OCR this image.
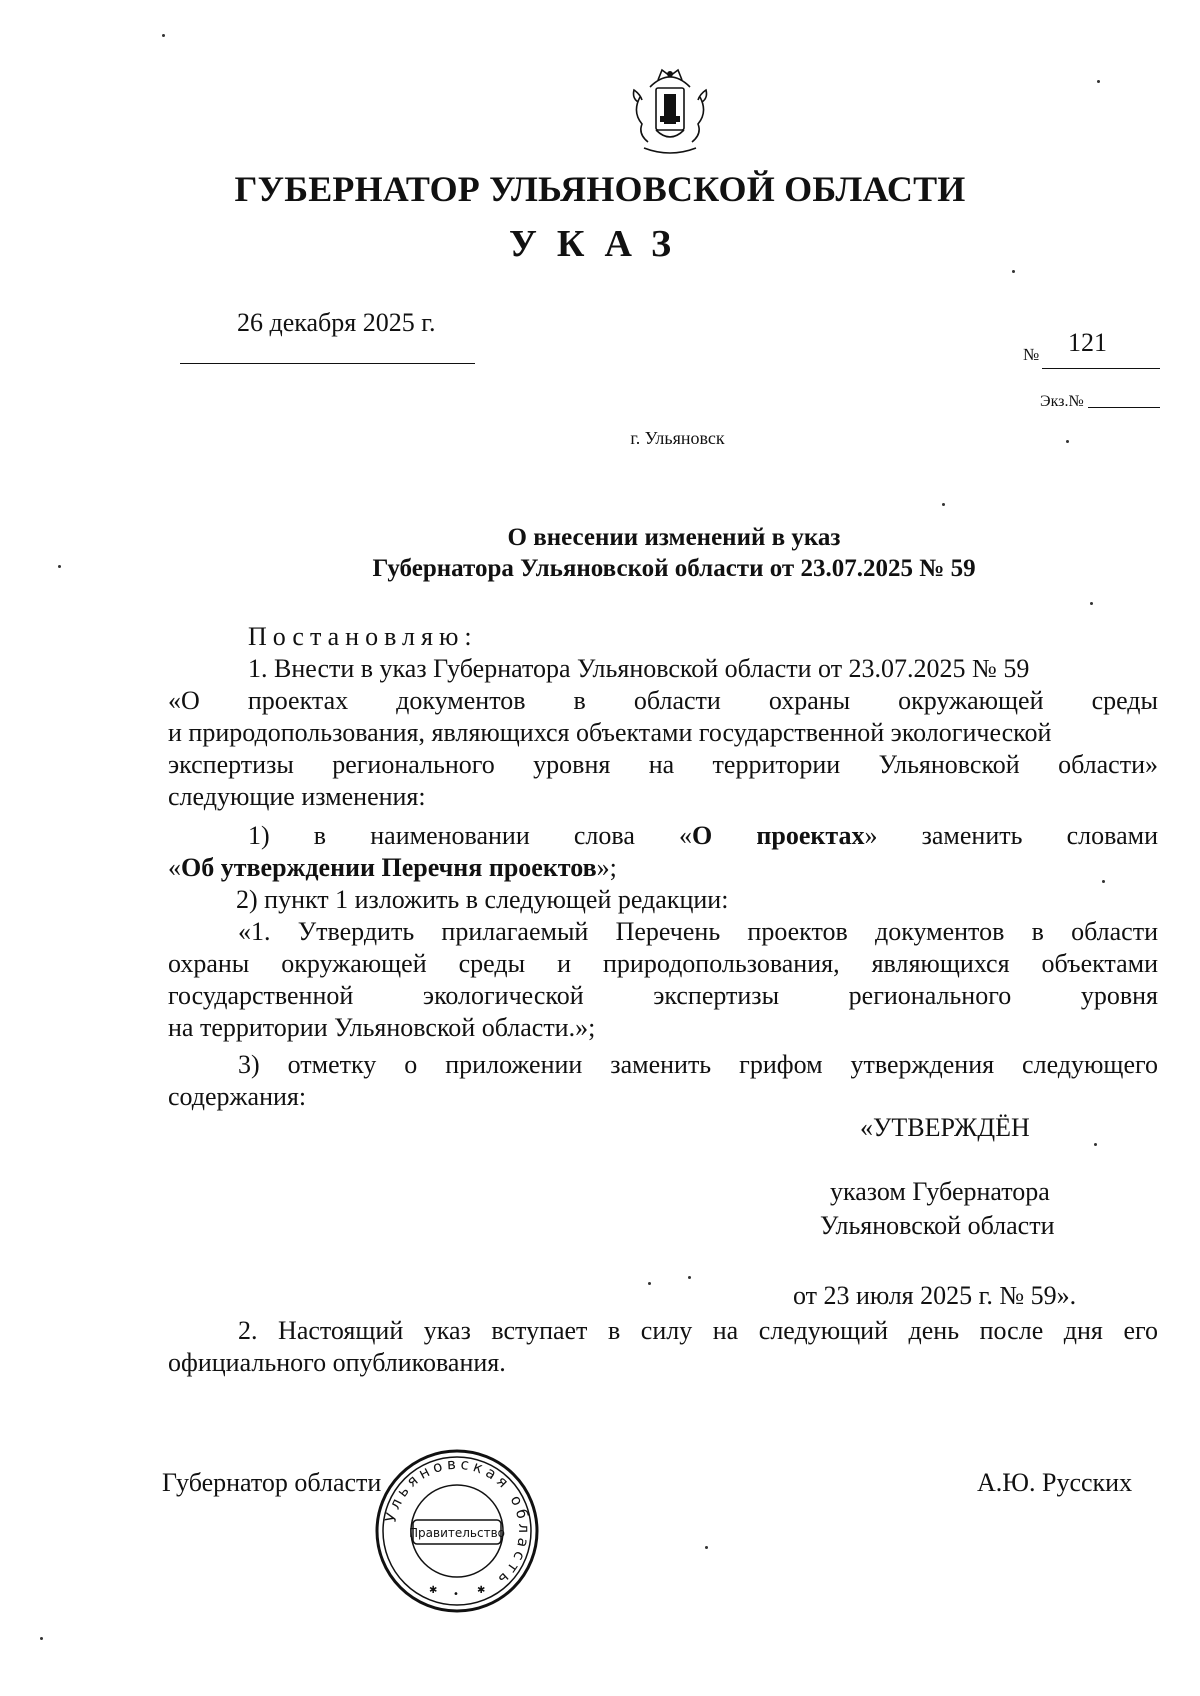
ГУБЕРНАТОР УЛЬЯНОВСКОЙ ОБЛАСТИ
УКАЗ
26 декабря 2025 г.
№ 121
Экз.№
г. Ульяновск
О внесении изменений в указ
Губернатора Ульяновской области от 23.07.2025 № 59
Постановляю:
1. Внести в указ Губернатора Ульяновской области от 23.07.2025 № 59
«О проектах документов в области охраны окружающей среды
и природопользования, являющихся объектами государственной экологической
экспертизы регионального уровня на территории Ульяновской области»
следующие изменения:
1) в наименовании слова «О проектах» заменить словами
«Об утверждении Перечня проектов»;
2) пункт 1 изложить в следующей редакции:
«1. Утвердить прилагаемый Перечень проектов документов в области
охраны окружающей среды и природопользования, являющихся объектами
государственной экологической экспертизы регионального уровня
на территории Ульяновской области.»;
3) отметку о приложении заменить грифом утверждения следующего
содержания:
«УТВЕРЖДЁН
указом Губернатора
Ульяновской области
от 23 июля 2025 г. № 59».
2. Настоящий указ вступает в силу на следующий день после дня его
официального опубликования.
Губернатор области	А.Ю. Русских
Ульяновская область
Правительство
✱ • ✱
